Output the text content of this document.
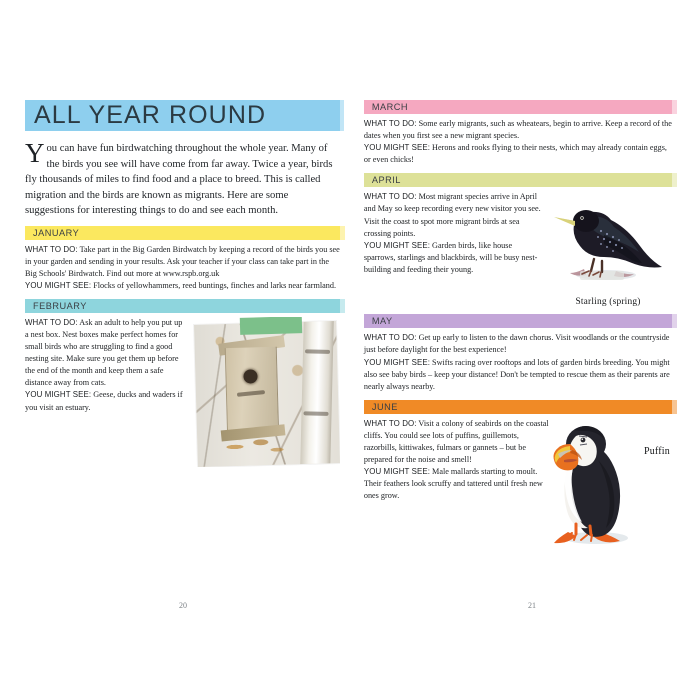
ALL YEAR ROUND

You can have fun birdwatching throughout the whole year. Many of the birds you see will have come from far away. Twice a year, birds fly thousands of miles to find food and a place to breed. This is called migration and the birds are known as migrants. Here are some suggestions for interesting things to do and see each month.

JANUARY

WHAT TO DO: Take part in the Big Garden Birdwatch by keeping a record of the birds you see in your garden and sending in your results. Ask your teacher if your class can take part in the Big Schools' Birdwatch. Find out more at www.rspb.org.uk

YOU MIGHT SEE: Flocks of yellowhammers, reed buntings, finches and larks near farmland.

FEBRUARY

WHAT TO DO: Ask an adult to help you put up a nest box. Nest boxes make perfect homes for small birds who are struggling to find a good nesting site. Make sure you get them up before the end of the month and keep them a safe distance away from cats.

YOU MIGHT SEE: Geese, ducks and waders if you visit an estuary.

20
MARCH

WHAT TO DO: Some early migrants, such as wheatears, begin to arrive. Keep a record of the dates when you first see a new migrant species.

YOU MIGHT SEE: Herons and rooks flying to their nests, which may already contain eggs, or even chicks!

APRIL
Starling (spring)

WHAT TO DO: Most migrant species arrive in April and May so keep recording every new visitor you see. Visit the coast to spot more migrant birds at sea crossing points.

YOU MIGHT SEE: Garden birds, like house sparrows, starlings and blackbirds, will be busy nest-building and feeding their young.

MAY

WHAT TO DO: Get up early to listen to the dawn chorus. Visit woodlands or the countryside just before daylight for the best experience!

YOU MIGHT SEE: Swifts racing over rooftops and lots of garden birds breeding. You might also see baby birds – keep your distance! Don't be tempted to rescue them as their parents are nearly always nearby.

JUNE
Puffin

WHAT TO DO: Visit a colony of seabirds on the coastal cliffs. You could see lots of puffins, guillemots, razorbills, kittiwakes, fulmars or gannets – but be prepared for the noise and smell!

YOU MIGHT SEE: Male mallards starting to moult. Their feathers look scruffy and tattered until fresh new ones grow.

21
